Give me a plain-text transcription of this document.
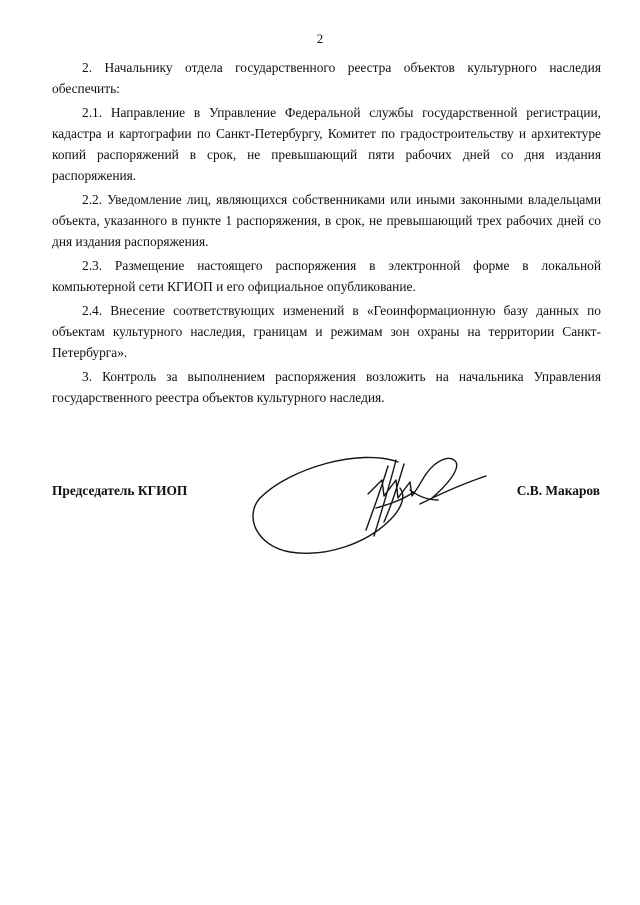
2

2. Начальнику отдела государственного реестра объектов культурного наследия обеспечить:

2.1. Направление в Управление Федеральной службы государственной регистрации, кадастра и картографии по Санкт-Петербургу, Комитет по градостроительству и архитектуре копий распоряжений в срок, не превышающий пяти рабочих дней со дня издания распоряжения.

2.2. Уведомление лиц, являющихся собственниками или иными законными владельцами объекта, указанного в пункте 1 распоряжения, в срок, не превышающий трех рабочих дней со дня издания распоряжения.

2.3. Размещение настоящего распоряжения в электронной форме в локальной компьютерной сети КГИОП и его официальное опубликование.

2.4. Внесение соответствующих изменений в «Геоинформационную базу данных по объектам культурного наследия, границам и режимам зон охраны на территории Санкт-Петербурга».

3. Контроль за выполнением распоряжения возложить на начальника Управления государственного реестра объектов культурного наследия.

Председатель КГИОП	С.В. Макаров
